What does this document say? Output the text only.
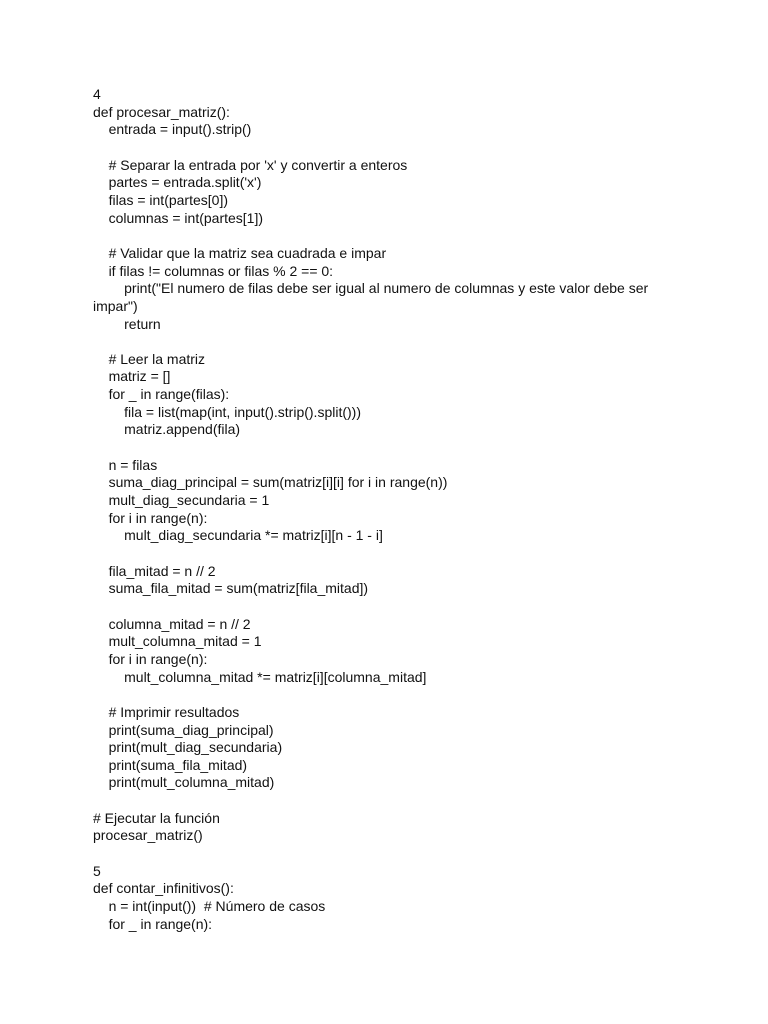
4
def procesar_matriz():
entrada = input().strip()
# Separar la entrada por 'x' y convertir a enteros
partes = entrada.split('x')
filas = int(partes[0])
columnas = int(partes[1])
# Validar que la matriz sea cuadrada e impar
if filas != columnas or filas % 2 == 0:
print("El numero de filas debe ser igual al numero de columnas y este valor debe ser impar")
return
# Leer la matriz
matriz = []
for _ in range(filas):
fila = list(map(int, input().strip().split()))
matriz.append(fila)
n = filas
suma_diag_principal = sum(matriz[i][i] for i in range(n))
mult_diag_secundaria = 1
for i in range(n):
mult_diag_secundaria *= matriz[i][n - 1 - i]
fila_mitad = n // 2
suma_fila_mitad = sum(matriz[fila_mitad])
columna_mitad = n // 2
mult_columna_mitad = 1
for i in range(n):
mult_columna_mitad *= matriz[i][columna_mitad]
# Imprimir resultados
print(suma_diag_principal)
print(mult_diag_secundaria)
print(suma_fila_mitad)
print(mult_columna_mitad)
# Ejecutar la función
procesar_matriz()
5
def contar_infinitivos():
n = int(input())  # Número de casos
for _ in range(n):
